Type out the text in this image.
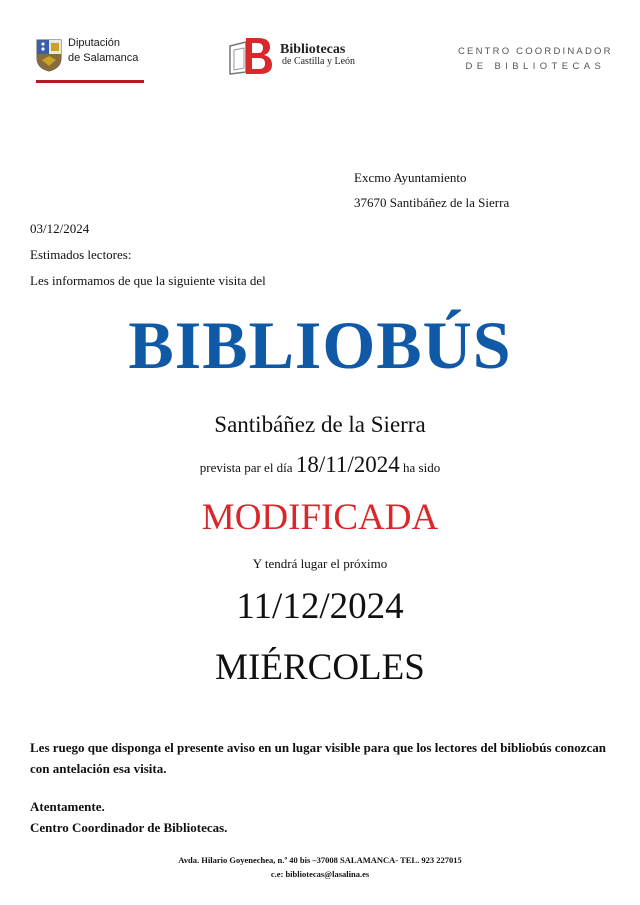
Diputación
de Salamanca
Bibliotecas
de Castilla y León
CENTRO COORDINADOR
DE BIBLIOTECAS
Excmo Ayuntamiento
37670 Santibáñez de la Sierra
03/12/2024
Estimados lectores:
Les informamos de que la siguiente visita del
BIBLIOBÚS
Santibáñez de la Sierra
prevista par el día 18/11/2024 ha sido
MODIFICADA
Y tendrá lugar el próximo
11/12/2024
MIÉRCOLES
Les ruego que disponga el presente aviso en un lugar visible para que los lectores del bibliobús conozcan con antelación esa visita.
Atentamente.
Centro Coordinador de Bibliotecas.
Avda. Hilario Goyenechea, n.º 40 bis –37008 SALAMANCA- TEL. 923 227015
c.e: bibliotecas@lasalina.es
